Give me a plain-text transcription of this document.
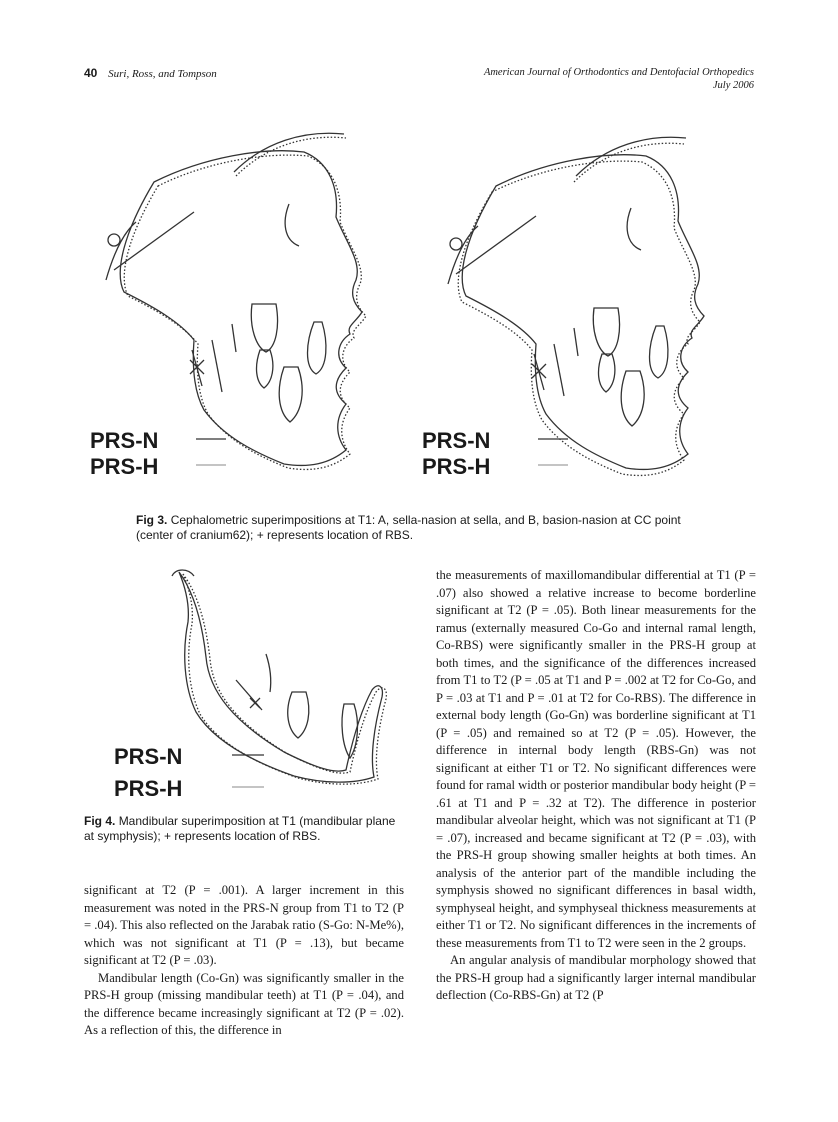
40 Suri, Ross, and Tompson	American Journal of Orthodontics and Dentofacial Orthopedics
July 2006
PRS-N
PRS-H
PRS-N
PRS-H
Fig 3. Cephalometric superimpositions at T1: A, sella-nasion at sella, and B, basion-nasion at CC point (center of cranium62); + represents location of RBS.
PRS-N
PRS-H
Fig 4. Mandibular superimposition at T1 (mandibular plane at symphysis); + represents location of RBS.

significant at T2 (P = .001). A larger increment in this measurement was noted in the PRS-N group from T1 to T2 (P = .04). This also reflected on the Jarabak ratio (S-Go: N-Me%), which was not significant at T1 (P = .13), but became significant at T2 (P = .03).

Mandibular length (Co-Gn) was significantly smaller in the PRS-H group (missing mandibular teeth) at T1 (P = .04), and the difference became increasingly significant at T2 (P = .02). As a reflection of this, the difference in

the measurements of maxillomandibular differential at T1 (P = .07) also showed a relative increase to become borderline significant at T2 (P = .05). Both linear measurements for the ramus (externally measured Co-Go and internal ramal length, Co-RBS) were significantly smaller in the PRS-H group at both times, and the significance of the differences increased from T1 to T2 (P = .05 at T1 and P = .002 at T2 for Co-Go, and P = .03 at T1 and P = .01 at T2 for Co-RBS). The difference in external body length (Go-Gn) was borderline significant at T1 (P = .05) and remained so at T2 (P = .05). However, the difference in internal body length (RBS-Gn) was not significant at either T1 or T2. No significant differences were found for ramal width or posterior mandibular body height (P = .61 at T1 and P = .32 at T2). The difference in posterior mandibular alveolar height, which was not significant at T1 (P = .07), increased and became significant at T2 (P = .03), with the PRS-H group showing smaller heights at both times. An analysis of the anterior part of the mandible including the symphysis showed no significant differences in basal width, symphyseal height, and symphyseal thickness measurements at either T1 or T2. No significant differences in the increments of these measurements from T1 to T2 were seen in the 2 groups.

An angular analysis of mandibular morphology showed that the PRS-H group had a significantly larger internal mandibular deflection (Co-RBS-Gn) at T2 (P
